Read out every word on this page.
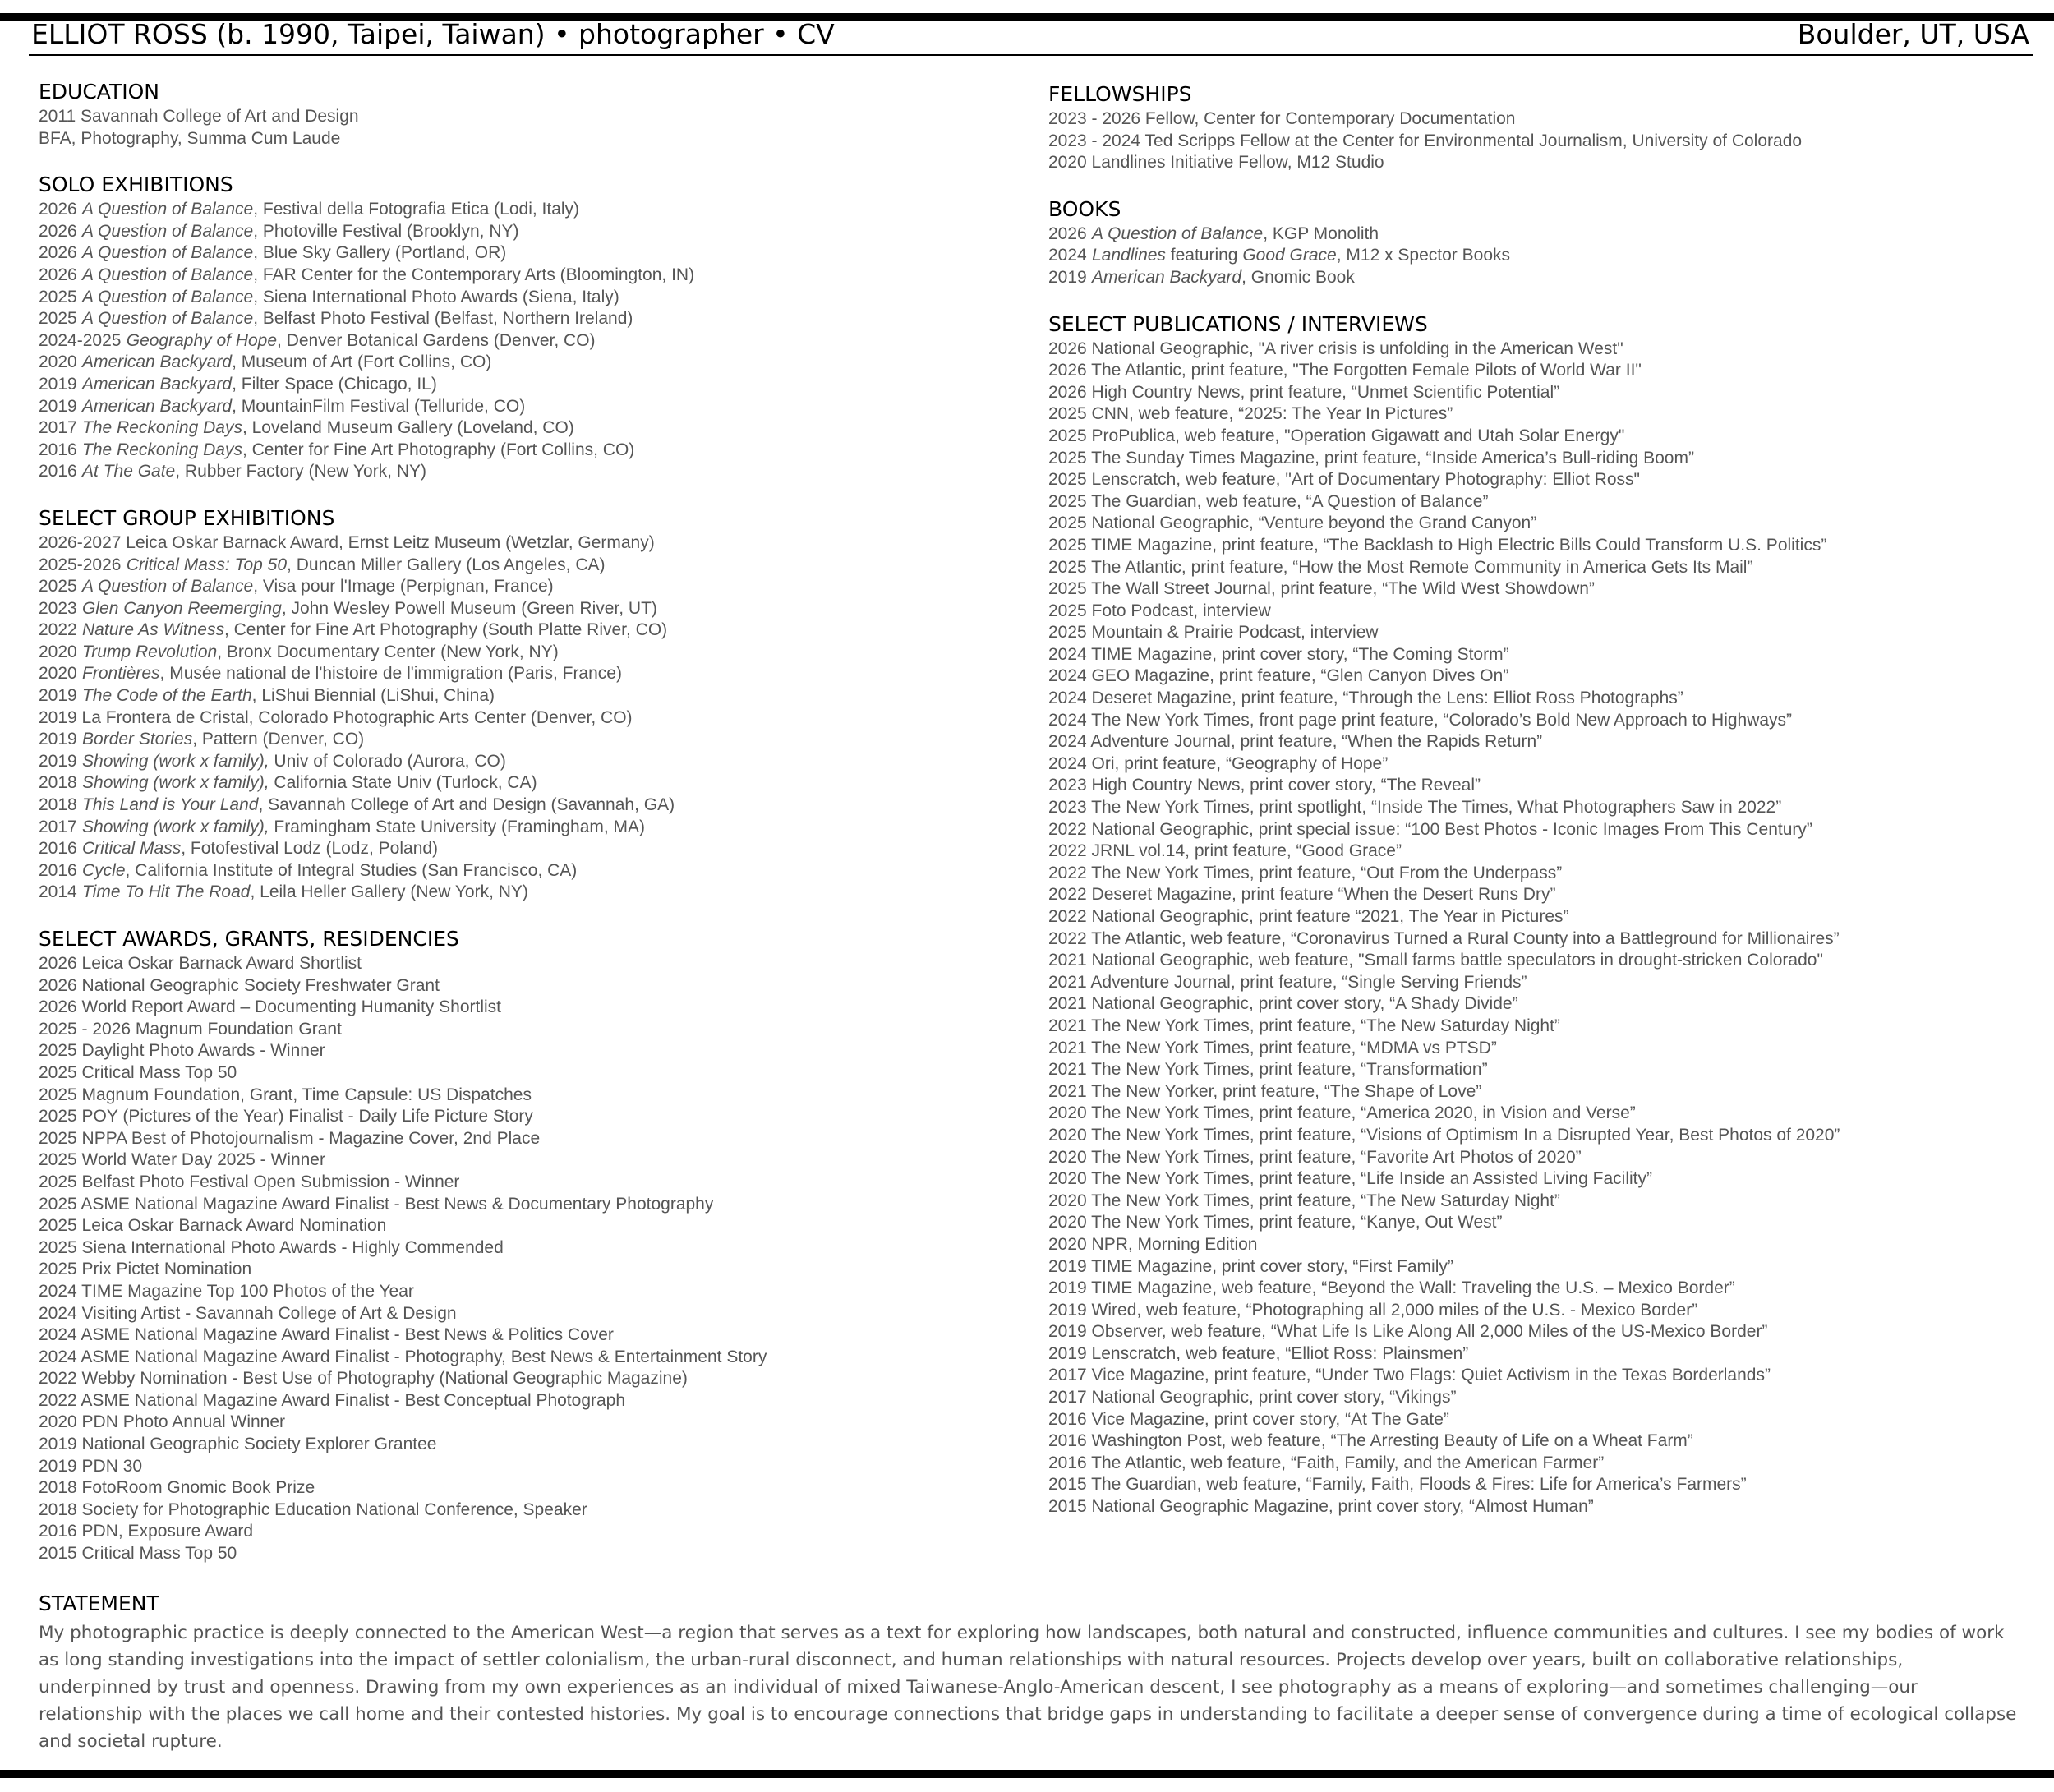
ELLIOT ROSS (b. 1990, Taipei, Taiwan) • photographer • CV	Boulder, UT, USA
EDUCATION
2011 Savannah College of Art and Design
BFA, Photography, Summa Cum Laude
SOLO EXHIBITIONS
2026 A Question of Balance, Festival della Fotografia Etica (Lodi, Italy)
2026 A Question of Balance, Photoville Festival (Brooklyn, NY)
2026 A Question of Balance, Blue Sky Gallery (Portland, OR)
2026 A Question of Balance, FAR Center for the Contemporary Arts (Bloomington, IN)
2025 A Question of Balance, Siena International Photo Awards (Siena, Italy)
2025 A Question of Balance, Belfast Photo Festival (Belfast, Northern Ireland)
2024-2025 Geography of Hope, Denver Botanical Gardens (Denver, CO)
2020 American Backyard, Museum of Art (Fort Collins, CO)
2019 American Backyard, Filter Space (Chicago, IL)
2019 American Backyard, MountainFilm Festival (Telluride, CO)
2017 The Reckoning Days, Loveland Museum Gallery (Loveland, CO)
2016 The Reckoning Days, Center for Fine Art Photography (Fort Collins, CO)
2016 At The Gate, Rubber Factory (New York, NY)
SELECT GROUP EXHIBITIONS
2026-2027 Leica Oskar Barnack Award, Ernst Leitz Museum (Wetzlar, Germany)
2025-2026 Critical Mass: Top 50, Duncan Miller Gallery (Los Angeles, CA)
2025 A Question of Balance, Visa pour l'Image (Perpignan, France)
2023 Glen Canyon Reemerging, John Wesley Powell Museum (Green River, UT)
2022 Nature As Witness, Center for Fine Art Photography (South Platte River, CO)
2020 Trump Revolution, Bronx Documentary Center (New York, NY)
2020 Frontières, Musée national de l'histoire de l'immigration (Paris, France)
2019 The Code of the Earth, LiShui Biennial (LiShui, China)
2019 La Frontera de Cristal, Colorado Photographic Arts Center (Denver, CO)
2019 Border Stories, Pattern (Denver, CO)
2019 Showing (work x family), Univ of Colorado (Aurora, CO)
2018 Showing (work x family), California State Univ (Turlock, CA)
2018 This Land is Your Land, Savannah College of Art and Design (Savannah, GA)
2017 Showing (work x family), Framingham State University (Framingham, MA)
2016 Critical Mass, Fotofestival Lodz (Lodz, Poland)
2016 Cycle, California Institute of Integral Studies (San Francisco, CA)
2014 Time To Hit The Road, Leila Heller Gallery (New York, NY)
SELECT AWARDS, GRANTS, RESIDENCIES
2026 Leica Oskar Barnack Award Shortlist
2026 National Geographic Society Freshwater Grant
2026 World Report Award – Documenting Humanity Shortlist
2025 - 2026 Magnum Foundation Grant
2025 Daylight Photo Awards - Winner
2025 Critical Mass Top 50
2025 Magnum Foundation, Grant, Time Capsule: US Dispatches
2025 POY (Pictures of the Year) Finalist - Daily Life Picture Story
2025 NPPA Best of Photojournalism - Magazine Cover, 2nd Place
2025 World Water Day 2025 - Winner
2025 Belfast Photo Festival Open Submission - Winner
2025 ASME National Magazine Award Finalist - Best News & Documentary Photography
2025 Leica Oskar Barnack Award Nomination
2025 Siena International Photo Awards - Highly Commended
2025 Prix Pictet Nomination
2024 TIME Magazine Top 100 Photos of the Year
2024 Visiting Artist - Savannah College of Art & Design
2024 ASME National Magazine Award Finalist - Best News & Politics Cover
2024 ASME National Magazine Award Finalist - Photography, Best News & Entertainment Story
2022 Webby Nomination - Best Use of Photography (National Geographic Magazine)
2022 ASME National Magazine Award Finalist - Best Conceptual Photograph
2020 PDN Photo Annual Winner
2019 National Geographic Society Explorer Grantee
2019 PDN 30
2018 FotoRoom Gnomic Book Prize
2018 Society for Photographic Education National Conference, Speaker
2016 PDN, Exposure Award
2015 Critical Mass Top 50
FELLOWSHIPS
2023 - 2026 Fellow, Center for Contemporary Documentation
2023 - 2024 Ted Scripps Fellow at the Center for Environmental Journalism, University of Colorado
2020 Landlines Initiative Fellow, M12 Studio
BOOKS
2026 A Question of Balance, KGP Monolith
2024 Landlines featuring Good Grace, M12 x Spector Books
2019 American Backyard, Gnomic Book
SELECT PUBLICATIONS / INTERVIEWS
2026 National Geographic, "A river crisis is unfolding in the American West"
2026 The Atlantic, print feature, "The Forgotten Female Pilots of World War II"
2026 High Country News, print feature, “Unmet Scientific Potential”
2025 CNN, web feature, “2025: The Year In Pictures”
2025 ProPublica, web feature, "Operation Gigawatt and Utah Solar Energy"
2025 The Sunday Times Magazine, print feature, “Inside America’s Bull-riding Boom”
2025 Lenscratch, web feature, "Art of Documentary Photography: Elliot Ross"
2025 The Guardian, web feature, “A Question of Balance”
2025 National Geographic, “Venture beyond the Grand Canyon”
2025 TIME Magazine, print feature, “The Backlash to High Electric Bills Could Transform U.S. Politics”
2025 The Atlantic, print feature, “How the Most Remote Community in America Gets Its Mail”
2025 The Wall Street Journal, print feature, “The Wild West Showdown”
2025 Foto Podcast, interview
2025 Mountain & Prairie Podcast, interview
2024 TIME Magazine, print cover story, “The Coming Storm”
2024 GEO Magazine, print feature, “Glen Canyon Dives On”
2024 Deseret Magazine, print feature, “Through the Lens: Elliot Ross Photographs”
2024 The New York Times, front page print feature, “Colorado’s Bold New Approach to Highways”
2024 Adventure Journal, print feature, “When the Rapids Return”
2024 Ori, print feature, “Geography of Hope”
2023 High Country News, print cover story, “The Reveal”
2023 The New York Times, print spotlight, “Inside The Times, What Photographers Saw in 2022”
2022 National Geographic, print special issue: “100 Best Photos - Iconic Images From This Century”
2022 JRNL vol.14, print feature, “Good Grace”
2022 The New York Times, print feature, “Out From the Underpass”
2022 Deseret Magazine, print feature “When the Desert Runs Dry”
2022 National Geographic, print feature “2021, The Year in Pictures”
2022 The Atlantic, web feature, “Coronavirus Turned a Rural County into a Battleground for Millionaires”
2021 National Geographic, web feature, "Small farms battle speculators in drought-stricken Colorado"
2021 Adventure Journal, print feature, “Single Serving Friends”
2021 National Geographic, print cover story, “A Shady Divide”
2021 The New York Times, print feature, “The New Saturday Night”
2021 The New York Times, print feature, “MDMA vs PTSD”
2021 The New York Times, print feature, “Transformation”
2021 The New Yorker, print feature, “The Shape of Love”
2020 The New York Times, print feature, “America 2020, in Vision and Verse”
2020 The New York Times, print feature, “Visions of Optimism In a Disrupted Year, Best Photos of 2020”
2020 The New York Times, print feature, “Favorite Art Photos of 2020”
2020 The New York Times, print feature, “Life Inside an Assisted Living Facility”
2020 The New York Times, print feature, “The New Saturday Night”
2020 The New York Times, print feature, “Kanye, Out West”
2020 NPR, Morning Edition
2019 TIME Magazine, print cover story, “First Family”
2019 TIME Magazine, web feature, “Beyond the Wall: Traveling the U.S. – Mexico Border”
2019 Wired, web feature, “Photographing all 2,000 miles of the U.S. - Mexico Border”
2019 Observer, web feature, “What Life Is Like Along All 2,000 Miles of the US-Mexico Border”
2019 Lenscratch, web feature, “Elliot Ross: Plainsmen”
2017 Vice Magazine, print feature, “Under Two Flags: Quiet Activism in the Texas Borderlands”
2017 National Geographic, print cover story, “Vikings”
2016 Vice Magazine, print cover story, “At The Gate”
2016 Washington Post, web feature, “The Arresting Beauty of Life on a Wheat Farm”
2016 The Atlantic, web feature, “Faith, Family, and the American Farmer”
2015 The Guardian, web feature, “Family, Faith, Floods & Fires: Life for America’s Farmers”
2015 National Geographic Magazine, print cover story, “Almost Human”
STATEMENT
My photographic practice is deeply connected to the American West—a region that serves as a text for exploring how landscapes, both natural and constructed, influence communities and cultures. I see my bodies of work as long standing investigations into the impact of settler colonialism, the urban-rural disconnect, and human relationships with natural resources. Projects develop over years, built on collaborative relationships, underpinned by trust and openness. Drawing from my own experiences as an individual of mixed Taiwanese-Anglo-American descent, I see photography as a means of exploring—and sometimes challenging—our relationship with the places we call home and their contested histories. My goal is to encourage connections that bridge gaps in understanding to facilitate a deeper sense of convergence during a time of ecological collapse and societal rupture.
